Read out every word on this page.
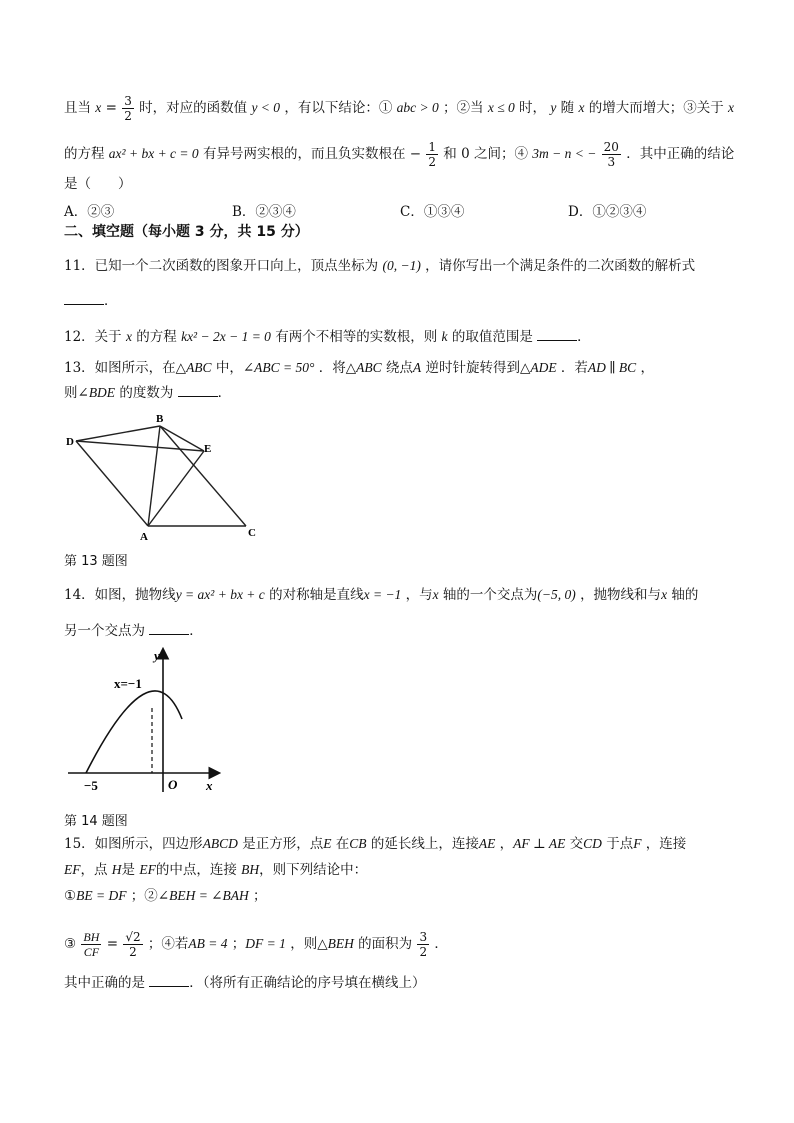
且当 $x = \frac{3}{2}$ 时，对应的函数值 y < 0 ，有以下结论：① abc > 0 ；②当 x ≤ 0 时， y 随 x 的增大而增大；③关于 x
的方程 ax² + bx + c = 0 有异号两实根的，而且负实数根在 − $\frac{1}{2}$ 和 0 之间；④ 3m − n < − $\frac{20}{3}$ ．其中正确的结论
是（　　）
A．②③	B．②③④	C．①③④	D．①②③④
二、填空题（每小题 3 分，共 15 分）
11．已知一个二次函数的图象开口向上，顶点坐标为 (0, −1) ，请你写出一个满足条件的二次函数的解析式
．
12．关于 x 的方程 kx² − 2x − 1 = 0 有两个不相等的实数根，则 k 的取值范围是	．
13．如图所示，在△ABC 中，∠ABC = 50° ．将△ABC 绕点A 逆时针旋转得到△ADE ．若AD ∥ BC ，
则∠BDE 的度数为	．
D
B
E
A	C
第 13 题图
14．如图，抛物线y = ax² + bx + c 的对称轴是直线x = −1 ，与x 轴的一个交点为(−5, 0) ，抛物线和与x 轴的
另一个交点为	．
y
x=−1
−5	O x
第 14 题图
15．如图所示，四边形ABCD 是正方形，点E 在CB 的延长线上，连接AE ，AF ⊥ AE 交CD 于点F ，连接
EF，点 H是 EF的中点，连接 BH，则下列结论中：
①BE = DF ；②∠BEH = ∠BAH ；
③ $\frac{BH}{CF} = \frac{√2}{2}$ ；④若AB = 4 ；DF = 1 ，则△BEH 的面积为 $\frac{3}{2}$ ．
其中正确的是	．（将所有正确结论的序号填在横线上）
